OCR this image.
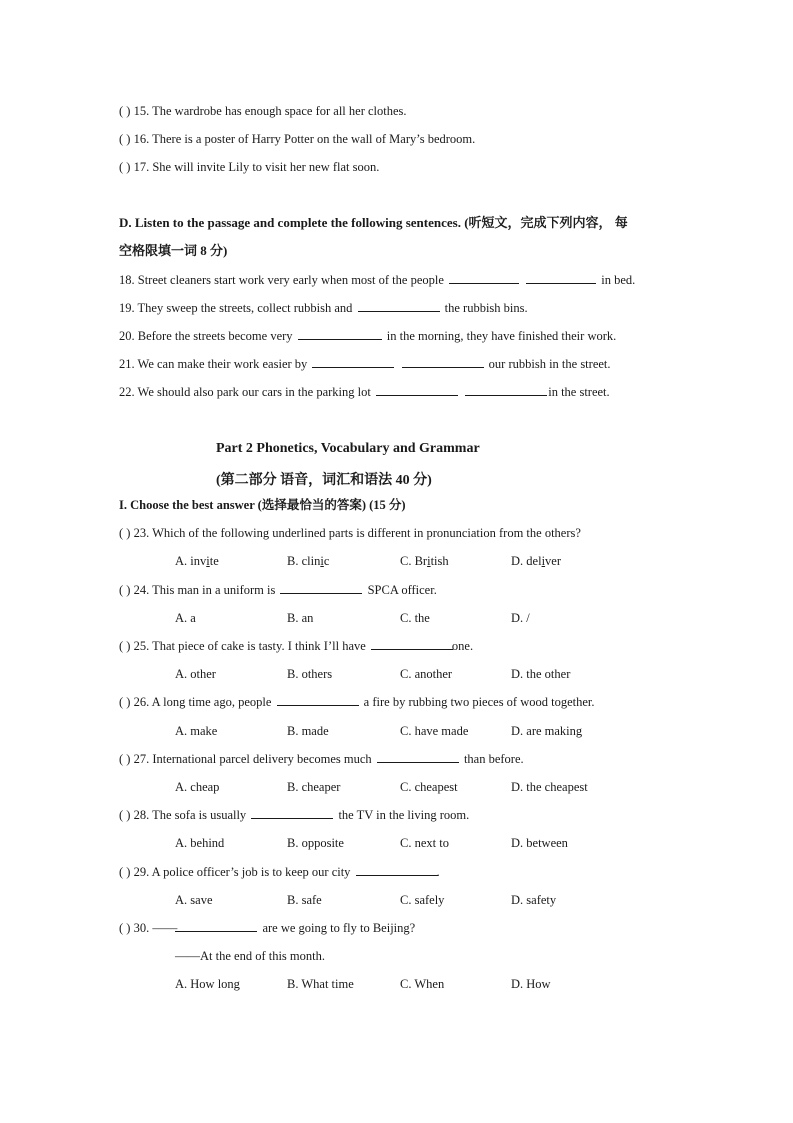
( ) 15. The wardrobe has enough space for all her clothes.
( ) 16. There is a poster of Harry Potter on the wall of Mary’s bedroom.
( ) 17. She will invite Lily to visit her new flat soon.
D. Listen to the passage and complete the following sentences. (听短文，完成下列内容， 每
空格限填一词 8 分)
18. Street cleaners start work very early when most of the people	in bed.
19. They sweep the streets, collect rubbish and	the rubbish bins.
20. Before the streets become very	in the morning, they have finished their work.
21. We can make their work easier by	our rubbish in the street.
22. We should also park our cars in the parking lot	in the street.
Part 2 Phonetics, Vocabulary and Grammar
(第二部分 语音，词汇和语法 40 分)
I. Choose the best answer (选择最恰当的答案) (15 分)
( ) 23. Which of the following underlined parts is different in pronunciation from the others?
A. invite	B. clinic	C. British	D. deliver
( ) 24. This man in a uniform is	SPCA officer.
A. a	B. an	C. the	D. /
( ) 25. That piece of cake is tasty. I think I’ll have	one.
A. other	B. others	C. another	D. the other
( ) 26. A long time ago, people	a fire by rubbing two pieces of wood together.
A. make	B. made	C. have made	D. are making
( ) 27. International parcel delivery becomes much	than before.
A. cheap	B. cheaper	C. cheapest	D. the cheapest
( ) 28. The sofa is usually	the TV in the living room.
A. behind	B. opposite	C. next to	D. between
( ) 29. A police officer’s job is to keep our city	.
A. save	B. safe	C. safely	D. safety
( ) 30. ——	are we going to fly to Beijing?
——At the end of this month.
A. How long	B. What time	C. When	D. How
